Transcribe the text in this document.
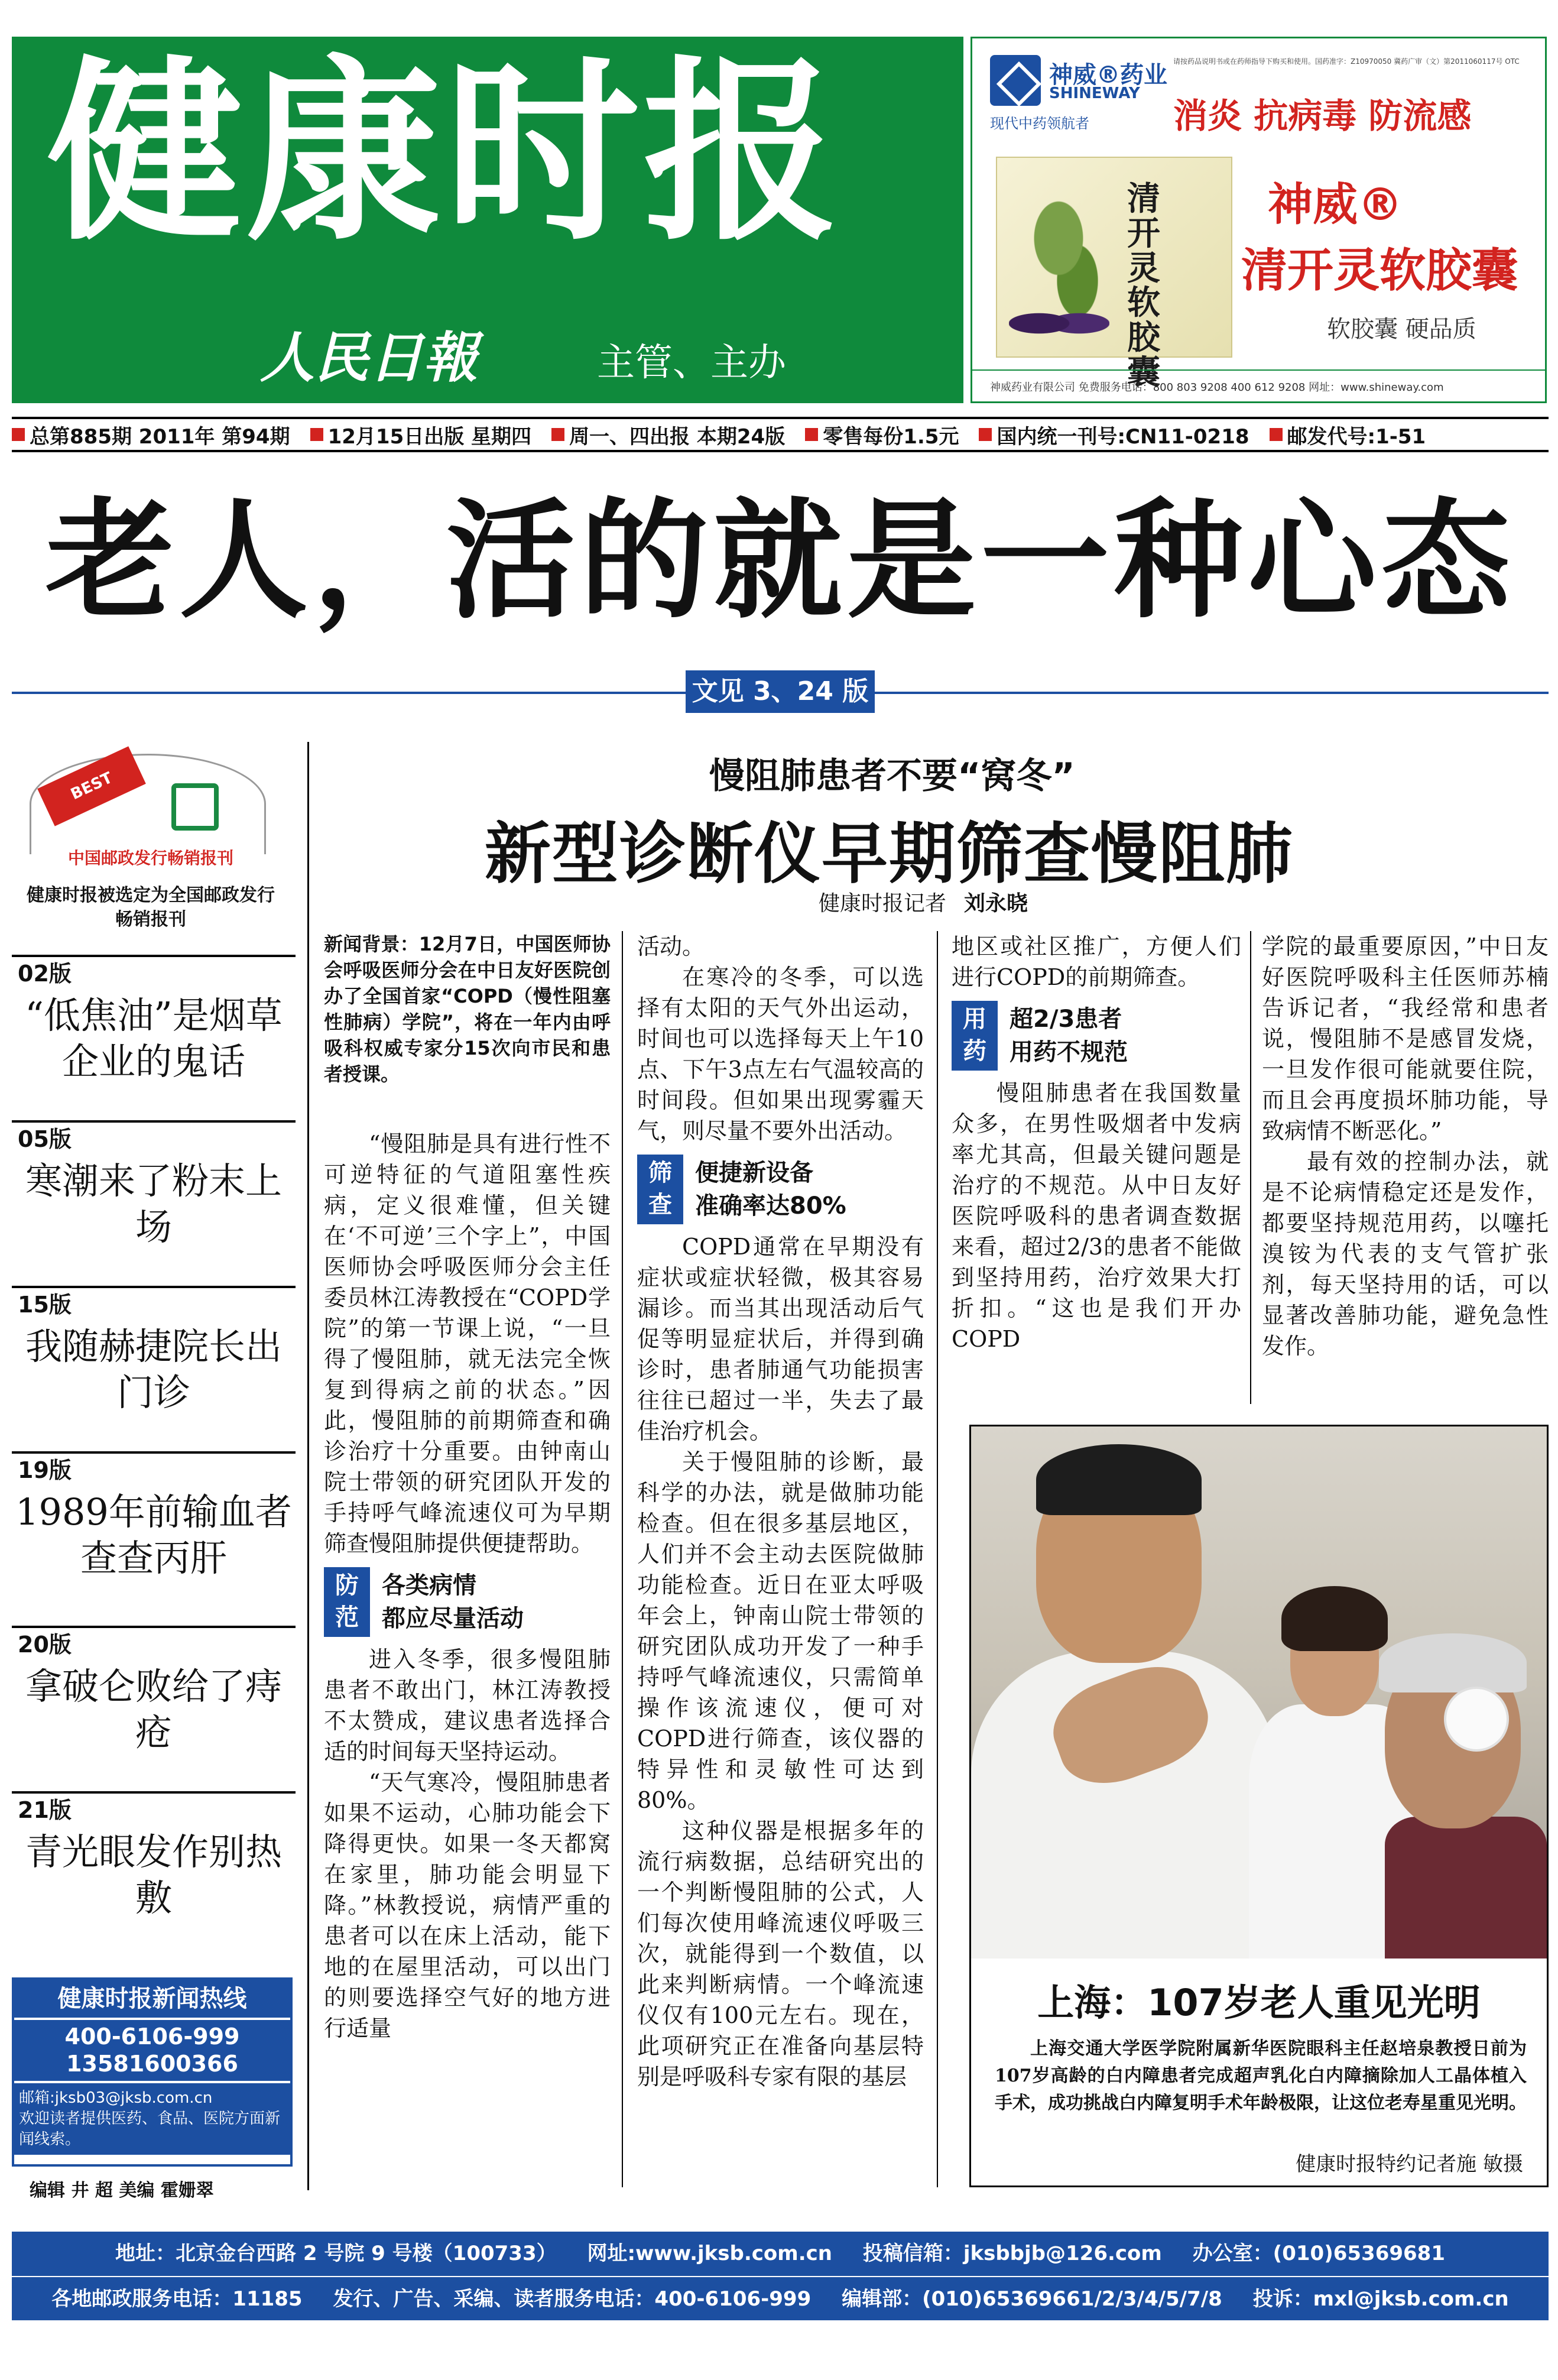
健康时报
人民日報	主管、主办
神威®药业
SHINEWAY
现代中药领航者
请按药品说明书或在药师指导下购买和使用。国药准字：Z10970050 冀药广审（文）第2011060117号 OTC
消炎 抗病毒 防流感
清开灵软胶囊
神威®
清开灵软胶囊
软胶囊 硬品质
神威药业有限公司 免费服务电话：800 803 9208 400 612 9208 网址：www.shineway.com
总第885期 2011年 第94期 12月15日出版 星期四 周一、四出报 本期24版 零售每份1.5元 国内统一刊号:CN11-0218 邮发代号:1-51
老人，活的就是一种心态
文见 3、24 版
BEST SELLING
中国邮政发行畅销报刊
健康时报被选定为全国邮政发行畅销报刊
02版
“低焦油”是烟草企业的鬼话
05版
寒潮来了粉末上场
15版
我随赫捷院长出门诊
19版
1989年前输血者查查丙肝
20版
拿破仑败给了痔疮
21版
青光眼发作别热敷
健康时报新闻热线
400-6106-999
13581600366
邮箱:jksb03@jksb.com.cn
欢迎读者提供医药、食品、医院方面新闻线索。
编辑 井 超 美编 霍姗翠
慢阻肺患者不要“窝冬”
新型诊断仪早期筛查慢阻肺
健康时报记者 刘永晓

新闻背景：12月7日，中国医师协会呼吸医师分会在中日友好医院创办了全国首家“COPD（慢性阻塞性肺病）学院”，将在一年内由呼吸科权威专家分15次向市民和患者授课。

“慢阻肺是具有进行性不可逆特征的气道阻塞性疾病，定义很难懂，但关键在‘不可逆’三个字上”，中国医师协会呼吸医师分会主任委员林江涛教授在“COPD学院”的第一节课上说，“一旦得了慢阻肺，就无法完全恢复到得病之前的状态。”因此，慢阻肺的前期筛查和确诊治疗十分重要。由钟南山院士带领的研究团队开发的手持呼气峰流速仪可为早期筛查慢阻肺提供便捷帮助。

防范
各类病情
都应尽量活动

进入冬季，很多慢阻肺患者不敢出门，林江涛教授不太赞成，建议患者选择合适的时间每天坚持运动。

“天气寒冷，慢阻肺患者如果不运动，心肺功能会下降得更快。如果一冬天都窝在家里，肺功能会明显下降。”林教授说，病情严重的患者可以在床上活动，能下地的在屋里活动，可以出门的则要选择空气好的地方进行适量

活动。

在寒冷的冬季，可以选择有太阳的天气外出运动，时间也可以选择每天上午10点、下午3点左右气温较高的时间段。但如果出现雾霾天气，则尽量不要外出活动。

筛查
便捷新设备
准确率达80%

COPD通常在早期没有症状或症状轻微，极其容易漏诊。而当其出现活动后气促等明显症状后，并得到确诊时，患者肺通气功能损害往往已超过一半，失去了最佳治疗机会。

关于慢阻肺的诊断，最科学的办法，就是做肺功能检查。但在很多基层地区，人们并不会主动去医院做肺功能检查。近日在亚太呼吸年会上，钟南山院士带领的研究团队成功开发了一种手持呼气峰流速仪，只需简单操作该流速仪，便可对COPD进行筛查，该仪器的特异性和灵敏性可达到80%。

这种仪器是根据多年的流行病数据，总结研究出的一个判断慢阻肺的公式，人们每次使用峰流速仪呼吸三次，就能得到一个数值，以此来判断病情。一个峰流速仪仅有100元左右。现在，此项研究正在准备向基层特别是呼吸科专家有限的基层

地区或社区推广，方便人们进行COPD的前期筛查。

用药
超2/3患者
用药不规范

慢阻肺患者在我国数量众多，在男性吸烟者中发病率尤其高，但最关键问题是治疗的不规范。从中日友好医院呼吸科的患者调查数据来看，超过2/3的患者不能做到坚持用药，治疗效果大打折扣。“这也是我们开办COPD

学院的最重要原因，”中日友好医院呼吸科主任医师苏楠告诉记者，“我经常和患者说，慢阻肺不是感冒发烧，一旦发作很可能就要住院，而且会再度损坏肺功能，导致病情不断恶化。”

最有效的控制办法，就是不论病情稳定还是发作，都要坚持规范用药，以噻托溴铵为代表的支气管扩张剂，每天坚持用的话，可以显著改善肺功能，避免急性发作。

上海：107岁老人重见光明
上海交通大学医学院附属新华医院眼科主任赵培泉教授日前为107岁高龄的白内障患者完成超声乳化白内障摘除加人工晶体植入手术，成功挑战白内障复明手术年龄极限，让这位老寿星重见光明。
健康时报特约记者施 敏摄
地址：北京金台西路 2 号院 9 号楼（100733） 网址:www.jksb.com.cn 投稿信箱：jksbbjb@126.com 办公室：(010)65369681
各地邮政服务电话：11185 发行、广告、采编、读者服务电话：400-6106-999 编辑部：(010)65369661/2/3/4/5/7/8 投诉：mxl@jksb.com.cn
